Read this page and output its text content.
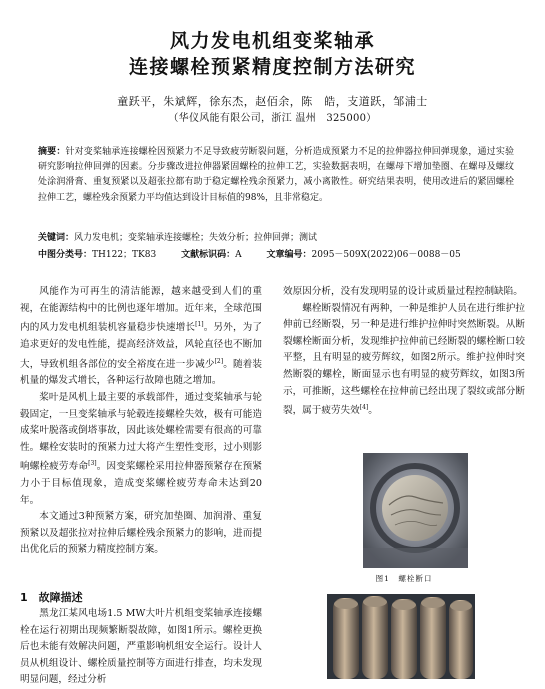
风力发电机组变桨轴承
连接螺栓预紧精度控制方法研究
童跃平，朱斌辉，徐东杰，赵佰余，陈　皓，支道跃，邹浦士
（华仪风能有限公司，浙江 温州　325000）
摘要：针对变桨轴承连接螺栓因预紧力不足导致疲劳断裂问题，分析造成预紧力不足的拉伸器拉伸回弹现象，通过实验研究影响拉伸回弹的因素。分步骤改进拉伸器紧固螺栓的拉伸工艺，实验数据表明，在螺母下增加垫圈、在螺母及螺纹处涂润滑膏、重复预紧以及超张拉都有助于稳定螺栓残余预紧力，减小离散性。研究结果表明，使用改进后的紧固螺栓拉伸工艺，螺栓残余预紧力平均值达到设计目标值的98%，且非常稳定。
关键词：风力发电机；变桨轴承连接螺栓；失效分析；拉伸回弹；测试
中图分类号：TH122；TK83	文献标识码：A	文章编号：2095－509X(2022)06－0088－05

风能作为可再生的清洁能源，越来越受到人们的重视，在能源结构中的比例也逐年增加。近年来，全球范围内的风力发电机组装机容量稳步快速增长[1]。另外，为了追求更好的发电性能，提高经济效益，风轮直径也不断加大，导致机组各部位的安全裕度在进一步减少[2]。随着装机量的爆发式增长，各种运行故障也随之增加。

桨叶是风机上最主要的承载部件，通过变桨轴承与轮毂固定，一旦变桨轴承与轮毂连接螺栓失效，极有可能造成桨叶脱落或倒塔事故，因此该处螺栓需要有很高的可靠性。螺栓安装时的预紧力过大将产生塑性变形，过小则影响螺栓疲劳寿命[3]。因变桨螺栓采用拉伸器预紧存在预紧力小于目标值现象，造成变桨螺栓疲劳寿命未达到20年。

本文通过3种预紧方案，研究加垫圈、加润滑、重复预紧以及超张拉对拉伸后螺栓残余预紧力的影响，进而提出优化后的预紧力精度控制方案。

1　故障描述

黑龙江某风电场1.5 MW大叶片机组变桨轴承连接螺栓在运行初期出现频繁断裂故障，如图1所示。螺栓更换后也未能有效解决问题，严重影响机组安全运行。设计人员从机组设计、螺栓质量控制等方面进行排查，均未发现明显问题，经过分析

效原因分析，没有发现明显的设计或质量过程控制缺陷。

螺栓断裂情况有两种，一种是维护人员在进行维护拉伸前已经断裂，另一种是进行维护拉伸时突然断裂。从断裂螺栓断面分析，发现维护拉伸前已经断裂的螺栓断口较平整，且有明显的疲劳辉纹，如图2所示。维护拉伸时突然断裂的螺栓，断面显示也有明显的疲劳辉纹，如图3所示，可推断，这些螺栓在拉伸前已经出现了裂纹或部分断裂，属于疲劳失效[4]。

图1　螺栓断口
